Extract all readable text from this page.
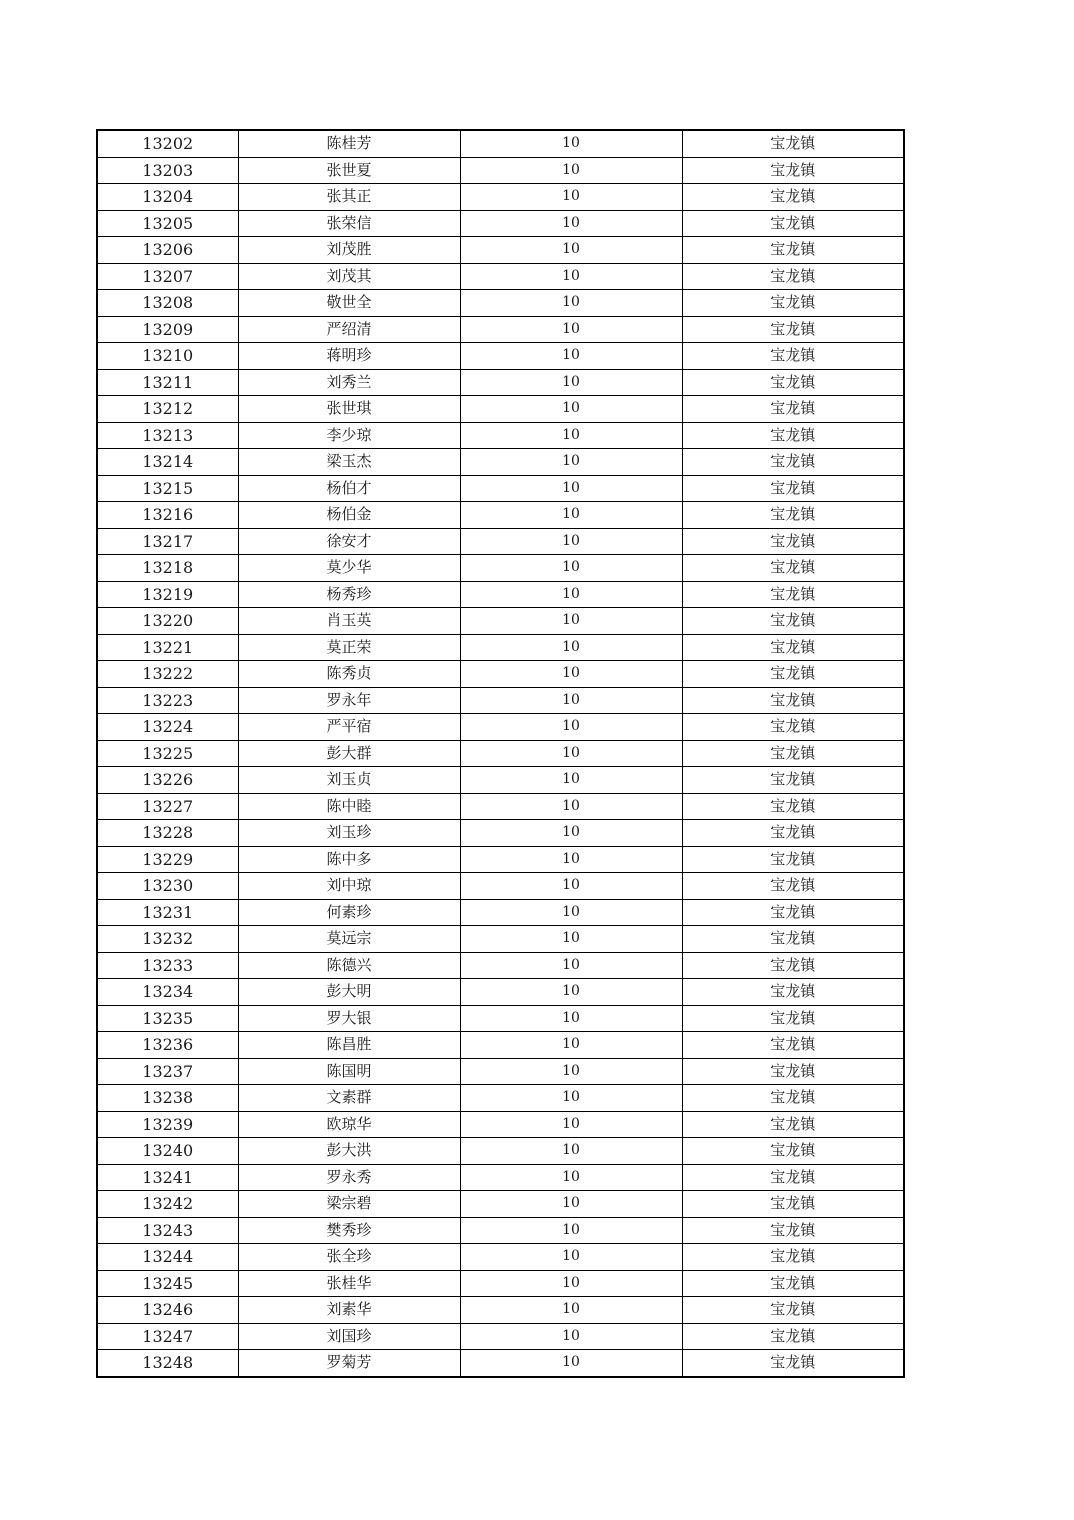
13202	陈桂芳	10	宝龙镇
13203	张世夏	10	宝龙镇
13204	张其正	10	宝龙镇
13205	张荣信	10	宝龙镇
13206	刘茂胜	10	宝龙镇
13207	刘茂其	10	宝龙镇
13208	敬世全	10	宝龙镇
13209	严绍清	10	宝龙镇
13210	蒋明珍	10	宝龙镇
13211	刘秀兰	10	宝龙镇
13212	张世琪	10	宝龙镇
13213	李少琼	10	宝龙镇
13214	梁玉杰	10	宝龙镇
13215	杨伯才	10	宝龙镇
13216	杨伯金	10	宝龙镇
13217	徐安才	10	宝龙镇
13218	莫少华	10	宝龙镇
13219	杨秀珍	10	宝龙镇
13220	肖玉英	10	宝龙镇
13221	莫正荣	10	宝龙镇
13222	陈秀贞	10	宝龙镇
13223	罗永年	10	宝龙镇
13224	严平宿	10	宝龙镇
13225	彭大群	10	宝龙镇
13226	刘玉贞	10	宝龙镇
13227	陈中睦	10	宝龙镇
13228	刘玉珍	10	宝龙镇
13229	陈中多	10	宝龙镇
13230	刘中琼	10	宝龙镇
13231	何素珍	10	宝龙镇
13232	莫远宗	10	宝龙镇
13233	陈德兴	10	宝龙镇
13234	彭大明	10	宝龙镇
13235	罗大银	10	宝龙镇
13236	陈昌胜	10	宝龙镇
13237	陈国明	10	宝龙镇
13238	文素群	10	宝龙镇
13239	欧琼华	10	宝龙镇
13240	彭大洪	10	宝龙镇
13241	罗永秀	10	宝龙镇
13242	梁宗碧	10	宝龙镇
13243	樊秀珍	10	宝龙镇
13244	张全珍	10	宝龙镇
13245	张桂华	10	宝龙镇
13246	刘素华	10	宝龙镇
13247	刘国珍	10	宝龙镇
13248	罗菊芳	10	宝龙镇
